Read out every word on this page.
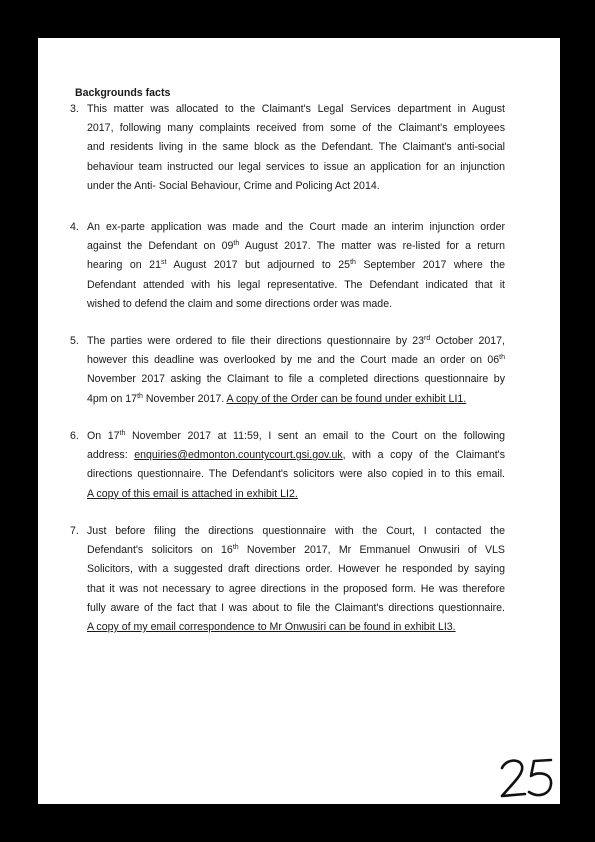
Backgrounds facts
3. This matter was allocated to the Claimant's Legal Services department in August
2017, following many complaints received from some of the Claimant's employees
and residents living in the same block as the Defendant. The Claimant's anti-social
behaviour team instructed our legal services to issue an application for an injunction
under the Anti- Social Behaviour, Crime and Policing Act 2014.
4. An ex-parte application was made and the Court made an interim injunction order
against the Defendant on 09th August 2017. The matter was re-listed for a return
hearing on 21st August 2017 but adjourned to 25th September 2017 where the
Defendant attended with his legal representative. The Defendant indicated that it
wished to defend the claim and some directions order was made.
5. The parties were ordered to file their directions questionnaire by 23rd October 2017,
however this deadline was overlooked by me and the Court made an order on 06th
November 2017 asking the Claimant to file a completed directions questionnaire by
4pm on 17th November 2017. A copy of the Order can be found under exhibit LI1.
6. On 17th November 2017 at 11:59, I sent an email to the Court on the following
address: enquiries@edmonton.countycourt.gsi.gov.uk, with a copy of the Claimant's
directions questionnaire. The Defendant's solicitors were also copied in to this email.
A copy of this email is attached in exhibit LI2.
7. Just before filing the directions questionnaire with the Court, I contacted the
Defendant's solicitors on 16th November 2017, Mr Emmanuel Onwusiri of VLS
Solicitors, with a suggested draft directions order. However he responded by saying
that it was not necessary to agree directions in the proposed form. He was therefore
fully aware of the fact that I was about to file the Claimant's directions questionnaire.
A copy of my email correspondence to Mr Onwusiri can be found in exhibit LI3.
